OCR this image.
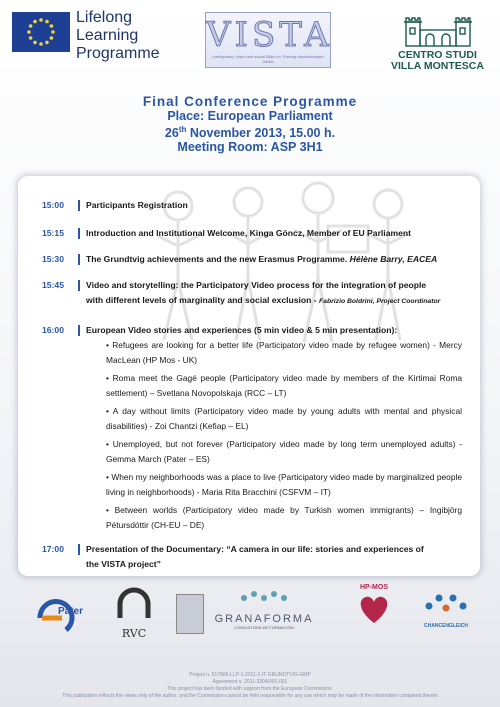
Lifelong
Learning
Programme VISTA
participatory Video and social Skills for Training disadvantaged Adults
CENTRO STUDI
VILLA MONTESCA
Final Conference Programme
Place: European Parliament
26th November 2013, 15.00 h.
Meeting Room: ASP 3H1
15:00	Participants Registration
15:15	Introduction and Institutional Welcome, Kinga Göncz, Member of EU Parliament
15:30	The Grundtvig achievements and the new Erasmus Programme. Hélène Barry, EACEA
15:45	Video and storytelling: the Participatory Video process for the integration of people
with different levels of marginality and social exclusion - Fabrizio Boldrini, Project Coordinator
16:00	European Video stories and experiences (5 min video & 5 min presentation):
• Refugees are looking for a better life (Participatory video made by refugee women) - Mercy MacLean (HP Mos - UK)
• Roma meet the Gagé people (Participatory video made by members of the Kirtimai Roma settlement) – Svetlana Novopolskaja (RCC – LT)
• A day without limits (Participatory video made by young adults with mental and physical disabilities) - Zoi Chantzi (Kefiap – EL)
• Unemployed, but not forever (Participatory video made by long term unemployed adults) - Gemma March (Pater – ES)
• When my neighborhoods was a place to live (Participatory video made by marginalized people living in neighborhoods) - Maria Rita Bracchini (CSFVM – IT)
• Between worlds (Participatory video made by Turkish women immigrants) – Ingibjörg Pétursdóttir (CH-EU – DE)
17:00	Presentation of the Documentary: “A camera in our life: stories and experiences of
the VISTA project”
Pater
RVC
GRANAFORMA
CONSULTORA DE FORMACIÓN
HP-MOS
CHANCENGLEICH
Project n. 517865-LLP-1-2011-1-IT-GRUNDTVIG-GMP
Agreement n. 2011-3304/001-001
This project has been funded with support from the European Commission.
This publication reflects the views only of the author, and the Commission cannot be held responsible for any use which may be made of the information contained therein
